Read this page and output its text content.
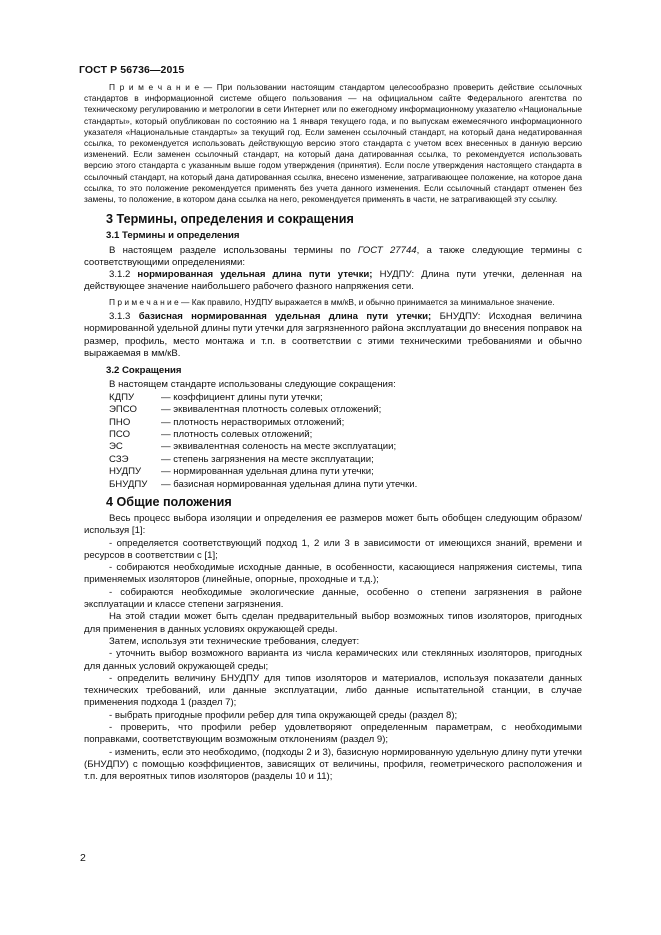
ГОСТ Р 56736—2015

П р и м е ч а н и е — При пользовании настоящим стандартом целесообразно проверить действие ссылочных стандартов в информационной системе общего пользования — на официальном сайте Федерального агентства по техническому регулированию и метрологии в сети Интернет или по ежегодному информационному указателю «Национальные стандарты», который опубликован по состоянию на 1 января текущего года, и по выпускам ежемесячного информационного указателя «Национальные стандарты» за текущий год. Если заменен ссылочный стандарт, на который дана недатированная ссылка, то рекомендуется использовать действующую версию этого стандарта с учетом всех внесенных в данную версию изменений. Если заменен ссылочный стандарт, на который дана датированная ссылка, то рекомендуется использовать версию этого стандарта с указанным выше годом утверждения (принятия). Если после утверждения настоящего стандарта в ссылочный стандарт, на который дана датированная ссылка, внесено изменение, затрагивающее положение, на которое дана ссылка, то это положение рекомендуется применять без учета данного изменения. Если ссылочный стандарт отменен без замены, то положение, в котором дана ссылка на него, рекомендуется применять в части, не затрагивающей эту ссылку.

3 Термины, определения и сокращения
3.1 Термины и определения

В настоящем разделе использованы термины по ГОСТ 27744, а также следующие термины с соответствующими определениями:

3.1.2 нормированная удельная длина пути утечки; НУДПУ: Длина пути утечки, деленная на действующее значение наибольшего рабочего фазного напряжения сети.

П р и м е ч а н и е — Как правило, НУДПУ выражается в мм/кВ, и обычно принимается за минимальное значение.

3.1.3 базисная нормированная удельная длина пути утечки; БНУДПУ: Исходная величина нормированной удельной длины пути утечки для загрязненного района эксплуатации до внесения поправок на размер, профиль, место монтажа и т.п. в соответствии с этими техническими требованиями и обычно выражаемая в мм/кВ.

3.2 Сокращения

В настоящем стандарте использованы следующие сокращения:

КДПУ	— коэффициент длины пути утечки;
ЭПСО	— эквивалентная плотность солевых отложений;
ПНО	— плотность нерастворимых отложений;
ПСО	— плотность солевых отложений;
ЭС	— эквивалентная соленость на месте эксплуатации;
СЗЭ	— степень загрязнения на месте эксплуатации;
НУДПУ	— нормированная удельная длина пути утечки;
БНУДПУ	— базисная нормированная удельная длина пути утечки.
4 Общие положения

Весь процесс выбора изоляции и определения ее размеров может быть обобщен следующим образом/ используя [1]:

- определяется соответствующий подход 1, 2 или 3 в зависимости от имеющихся знаний, времени и ресурсов в соответствии с [1];

- собираются необходимые исходные данные, в особенности, касающиеся напряжения системы, типа применяемых изоляторов (линейные, опорные, проходные и т.д.);

- собираются необходимые экологические данные, особенно о степени загрязнения в районе эксплуатации и классе степени загрязнения.

На этой стадии может быть сделан предварительный выбор возможных типов изоляторов, пригодных для применения в данных условиях окружающей среды.

Затем, используя эти технические требования, следует:

- уточнить выбор возможного варианта из числа керамических или стеклянных изоляторов, пригодных для данных условий окружающей среды;

- определить величину БНУДПУ для типов изоляторов и материалов, используя показатели данных технических требований, или данные эксплуатации, либо данные испытательной станции, в случае применения подхода 1 (раздел 7);

- выбрать пригодные профили ребер для типа окружающей среды (раздел 8);

- проверить, что профили ребер удовлетворяют определенным параметрам, с необходимыми поправками, соответствующим возможным отклонениям (раздел 9);

- изменить, если это необходимо, (подходы 2 и 3), базисную нормированную удельную длину пути утечки (БНУДПУ) с помощью коэффициентов, зависящих от величины, профиля, геометрического расположения и т.п. для вероятных типов изоляторов (разделы 10 и 11);

2
